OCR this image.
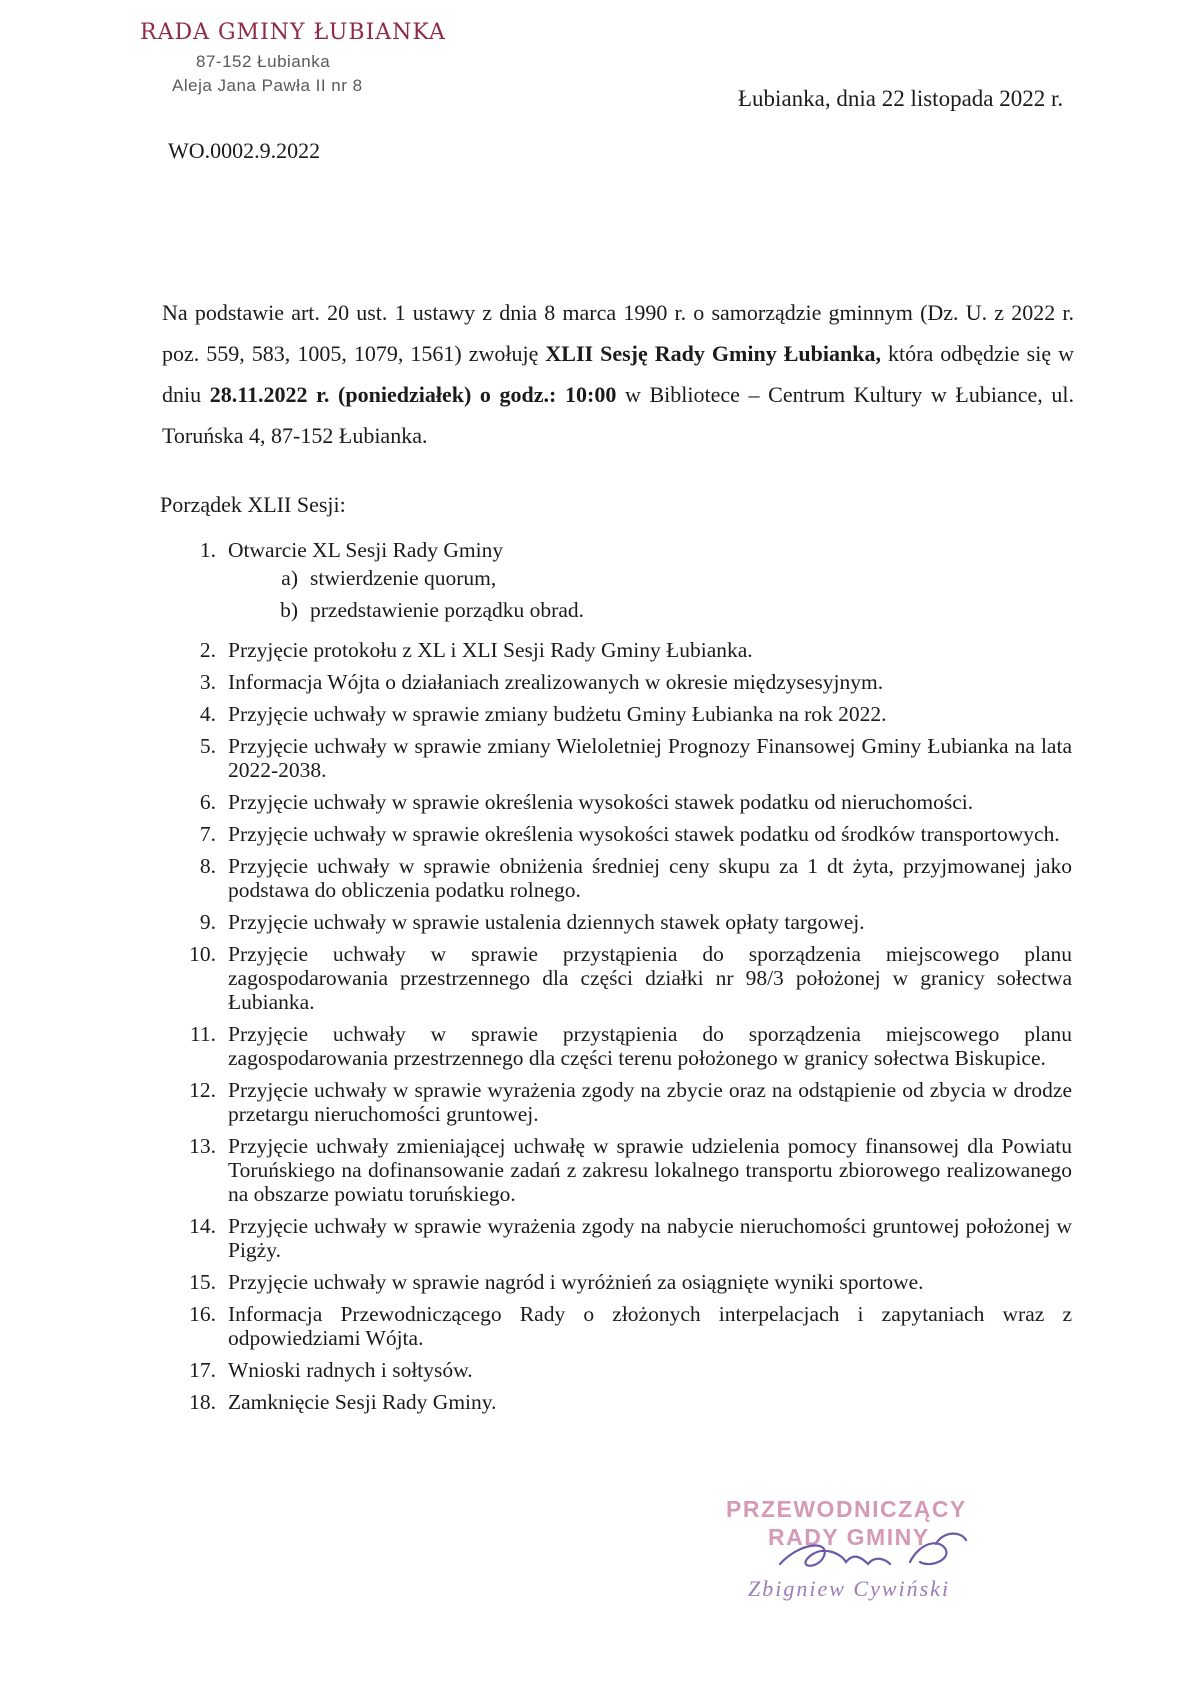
RADA GMINY ŁUBIANKA
87-152 Łubianka
Aleja Jana Pawła II nr 8
Łubianka, dnia 22 listopada 2022 r.
WO.0002.9.2022
Na podstawie art. 20 ust. 1 ustawy z dnia 8 marca 1990 r. o samorządzie gminnym (Dz. U. z 2022 r. poz. 559, 583, 1005, 1079, 1561) zwołuję XLII Sesję Rady Gminy Łubianka, która odbędzie się w dniu 28.11.2022 r. (poniedziałek) o godz.: 10:00 w Bibliotece – Centrum Kultury w Łubiance, ul. Toruńska 4, 87-152 Łubianka.
Porządek XLII Sesji:
1. Otwarcie XL Sesji Rady Gminy
a) stwierdzenie quorum,
b) przedstawienie porządku obrad.
2. Przyjęcie protokołu z XL i XLI Sesji Rady Gminy Łubianka.
3. Informacja Wójta o działaniach zrealizowanych w okresie międzysesyjnym.
4. Przyjęcie uchwały w sprawie zmiany budżetu Gminy Łubianka na rok 2022.
5. Przyjęcie uchwały w sprawie zmiany Wieloletniej Prognozy Finansowej Gminy Łubianka na lata 2022-2038.
6. Przyjęcie uchwały w sprawie określenia wysokości stawek podatku od nieruchomości.
7. Przyjęcie uchwały w sprawie określenia wysokości stawek podatku od środków transportowych.
8. Przyjęcie uchwały w sprawie obniżenia średniej ceny skupu za 1 dt żyta, przyjmowanej jako podstawa do obliczenia podatku rolnego.
9. Przyjęcie uchwały w sprawie ustalenia dziennych stawek opłaty targowej.
10. Przyjęcie uchwały w sprawie przystąpienia do sporządzenia miejscowego planu zagospodarowania przestrzennego dla części działki nr 98/3 położonej w granicy sołectwa Łubianka.
11. Przyjęcie uchwały w sprawie przystąpienia do sporządzenia miejscowego planu zagospodarowania przestrzennego dla części terenu położonego w granicy sołectwa Biskupice.
12. Przyjęcie uchwały w sprawie wyrażenia zgody na zbycie oraz na odstąpienie od zbycia w drodze przetargu nieruchomości gruntowej.
13. Przyjęcie uchwały zmieniającej uchwałę w sprawie udzielenia pomocy finansowej dla Powiatu Toruńskiego na dofinansowanie zadań z zakresu lokalnego transportu zbiorowego realizowanego na obszarze powiatu toruńskiego.
14. Przyjęcie uchwały w sprawie wyrażenia zgody na nabycie nieruchomości gruntowej położonej w Pigży.
15. Przyjęcie uchwały w sprawie nagród i wyróżnień za osiągnięte wyniki sportowe.
16. Informacja Przewodniczącego Rady o złożonych interpelacjach i zapytaniach wraz z odpowiedziami Wójta.
17. Wnioski radnych i sołtysów.
18. Zamknięcie Sesji Rady Gminy.
PRZEWODNICZĄCY
RADY GMINY
Zbigniew Cywiński
